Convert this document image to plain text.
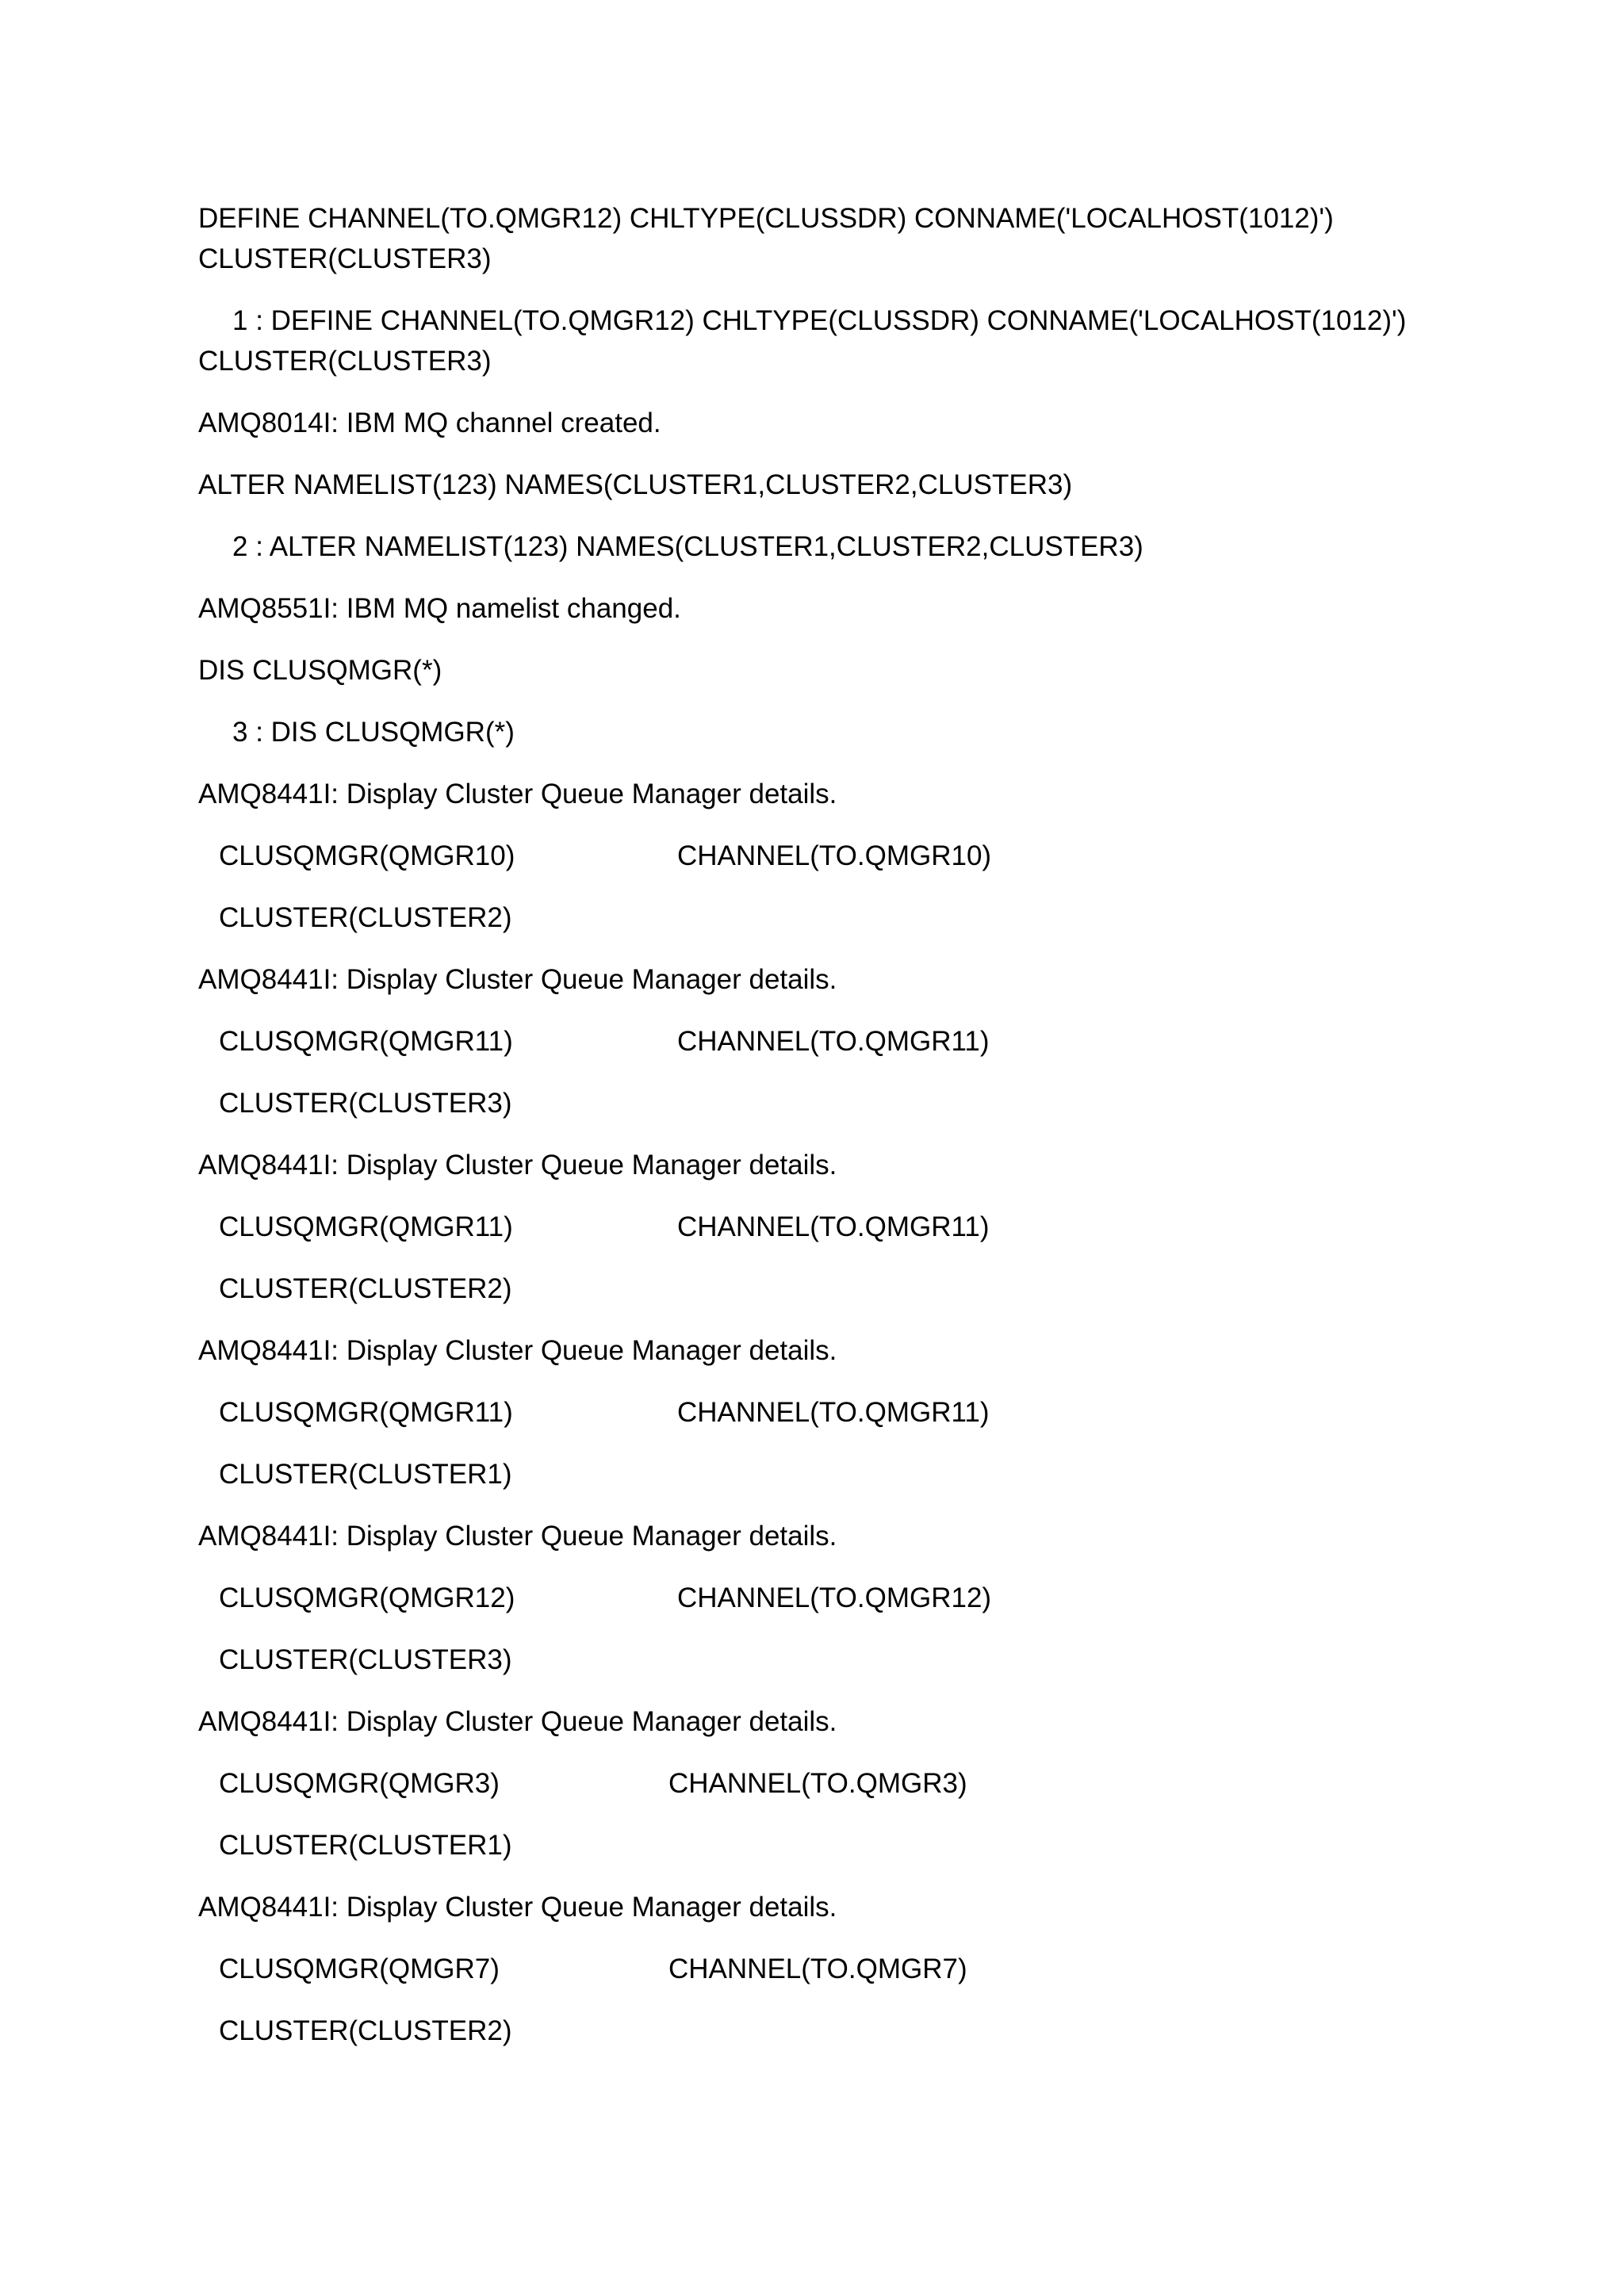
DEFINE CHANNEL(TO.QMGR12) CHLTYPE(CLUSSDR) CONNAME('LOCALHOST(1012)')
CLUSTER(CLUSTER3)
1 : DEFINE CHANNEL(TO.QMGR12) CHLTYPE(CLUSSDR) CONNAME('LOCALHOST(1012)')
CLUSTER(CLUSTER3)

AMQ8014I: IBM MQ channel created.

ALTER NAMELIST(123) NAMES(CLUSTER1,CLUSTER2,CLUSTER3)

2 : ALTER NAMELIST(123) NAMES(CLUSTER1,CLUSTER2,CLUSTER3)

AMQ8551I: IBM MQ namelist changed.

DIS CLUSQMGR(*)

3 : DIS CLUSQMGR(*)

AMQ8441I: Display Cluster Queue Manager details.

CLUSQMGR(QMGR10)	CHANNEL(TO.QMGR10)

CLUSTER(CLUSTER2)

AMQ8441I: Display Cluster Queue Manager details.

CLUSQMGR(QMGR11)	CHANNEL(TO.QMGR11)

CLUSTER(CLUSTER3)

AMQ8441I: Display Cluster Queue Manager details.

CLUSQMGR(QMGR11)	CHANNEL(TO.QMGR11)

CLUSTER(CLUSTER2)

AMQ8441I: Display Cluster Queue Manager details.

CLUSQMGR(QMGR11)	CHANNEL(TO.QMGR11)

CLUSTER(CLUSTER1)

AMQ8441I: Display Cluster Queue Manager details.

CLUSQMGR(QMGR12)	CHANNEL(TO.QMGR12)

CLUSTER(CLUSTER3)

AMQ8441I: Display Cluster Queue Manager details.

CLUSQMGR(QMGR3)	CHANNEL(TO.QMGR3)

CLUSTER(CLUSTER1)

AMQ8441I: Display Cluster Queue Manager details.

CLUSQMGR(QMGR7)	CHANNEL(TO.QMGR7)

CLUSTER(CLUSTER2)
